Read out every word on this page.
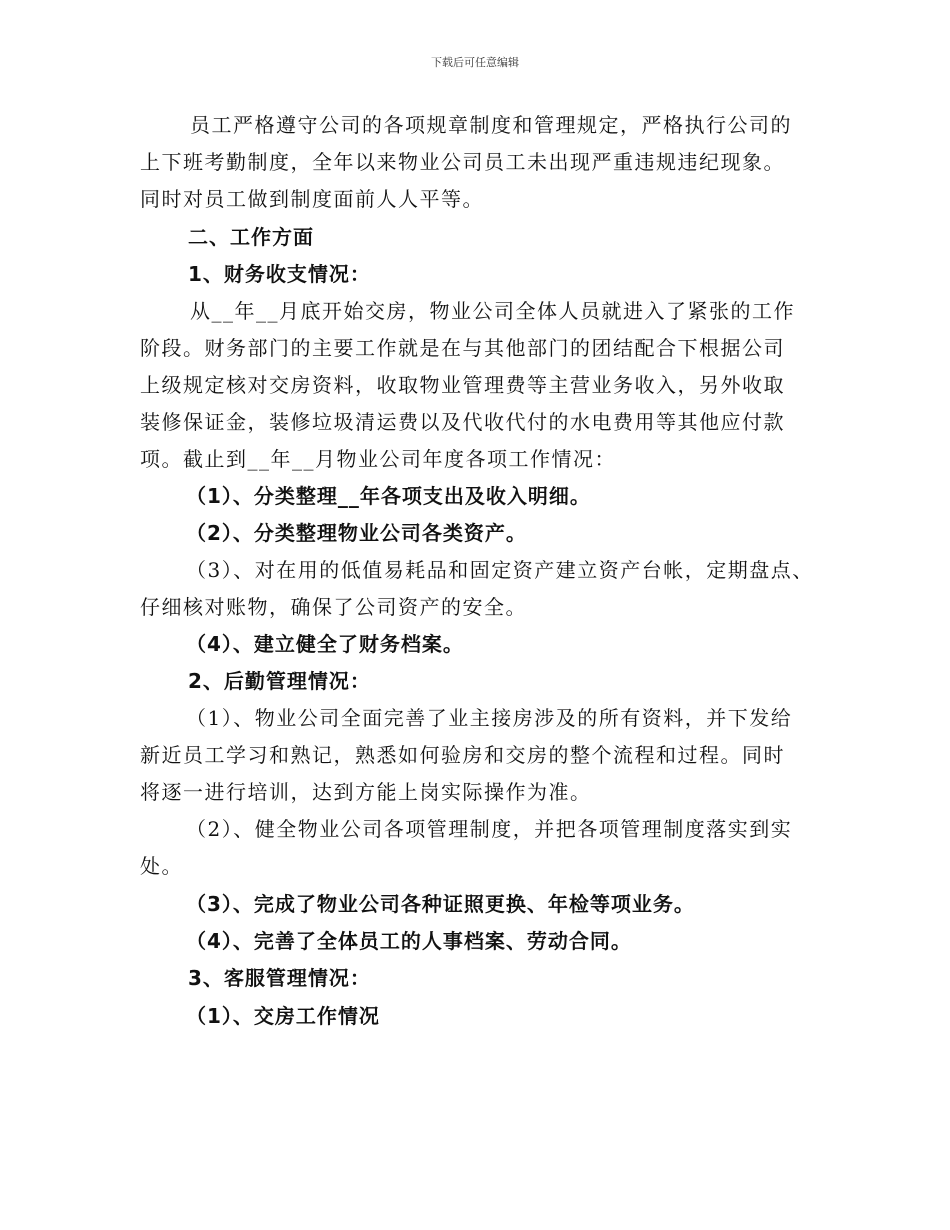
下载后可任意编辑
员工严格遵守公司的各项规章制度和管理规定，严格执行公司的
上下班考勤制度，全年以来物业公司员工未出现严重违规违纪现象。
同时对员工做到制度面前人人平等。
二、工作方面
1、财务收支情况：
从__年__月底开始交房，物业公司全体人员就进入了紧张的工作
阶段。财务部门的主要工作就是在与其他部门的团结配合下根据公司
上级规定核对交房资料，收取物业管理费等主营业务收入，另外收取
装修保证金，装修垃圾清运费以及代收代付的水电费用等其他应付款
项。截止到__年__月物业公司年度各项工作情况：
（1）、分类整理__年各项支出及收入明细。
（2）、分类整理物业公司各类资产。
（3）、对在用的低值易耗品和固定资产建立资产台帐，定期盘点、
仔细核对账物，确保了公司资产的安全。
（4）、建立健全了财务档案。
2、后勤管理情况：
（1）、物业公司全面完善了业主接房涉及的所有资料，并下发给
新近员工学习和熟记，熟悉如何验房和交房的整个流程和过程。同时
将逐一进行培训，达到方能上岗实际操作为准。
（2）、健全物业公司各项管理制度，并把各项管理制度落实到实
处。
（3）、完成了物业公司各种证照更换、年检等项业务。
（4）、完善了全体员工的人事档案、劳动合同。
3、客服管理情况：
（1）、交房工作情况
